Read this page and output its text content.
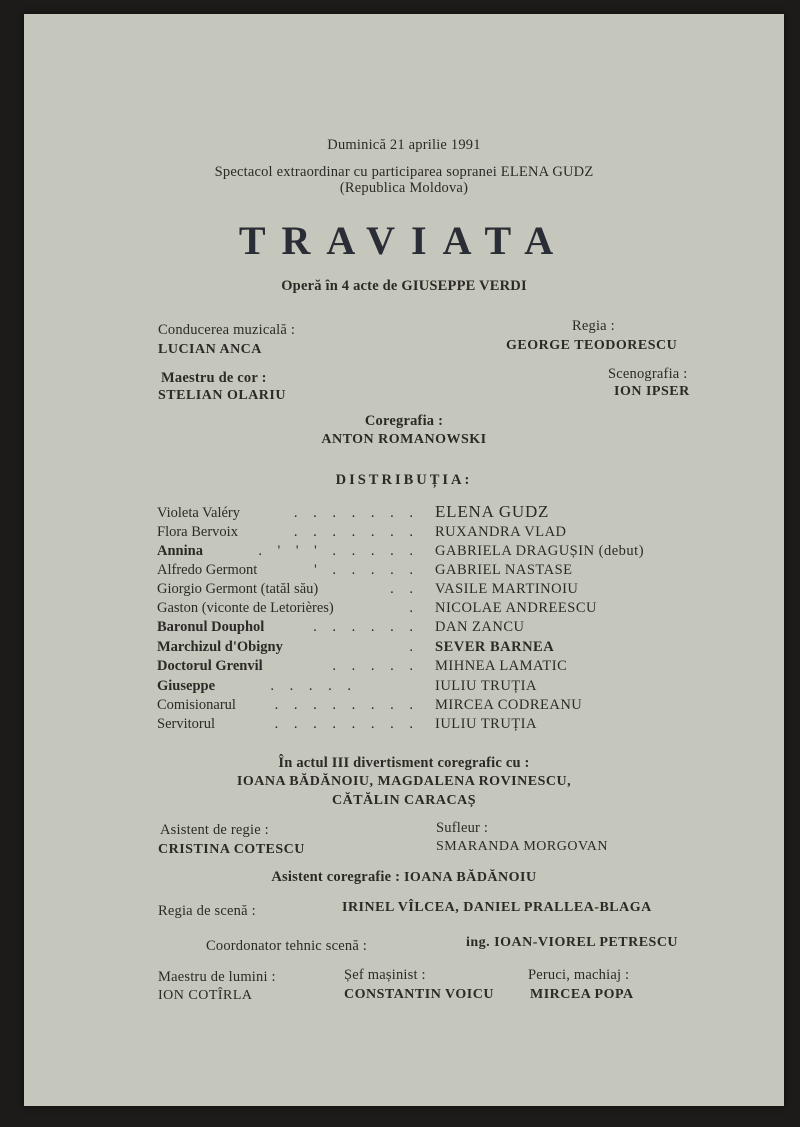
Duminică 21 aprilie 1991
Spectacol extraordinar cu participarea sopranei ELENA GUDZ
(Republica Moldova)
TRAVIATA
Operă în 4 acte de GIUSEPPE VERDI
Conducerea muzicală :
LUCIAN ANCA
Regia :
GEORGE TEODORESCU
Maestru de cor :
STELIAN OLARIU
Scenografia :
ION IPSER
Coregrafia :
ANTON ROMANOWSKI
DISTRIBUȚIA:
Violeta Valéry	. . . . . . . ELENA GUDZ
Flora Bervoix	. . . . . . . RUXANDRA VLAD
Annina	. ' ' ' . . . . . GABRIELA DRAGUȘIN (debut)
Alfredo Germont	' . . . . . GABRIEL NASTASE
Giorgio Germont (tatăl său)	. . VASILE MARTINOIU
Gaston (viconte de Letorières)	. NICOLAE ANDREESCU
Baronul Douphol	. . . . . . DAN ZANCU
Marchizul d'Obigny	. SEVER BARNEA
Doctorul Grenvil	. . . . . MIHNEA LAMATIC
Giuseppe	. . . . .	IULIU TRUȚIA
Comisionarul	. . . . . . . . MIRCEA CODREANU
Servitorul	. . . . . . . . IULIU TRUȚIA
În actul III divertisment coregrafic cu :
IOANA BĂDĂNOIU, MAGDALENA ROVINESCU,
CĂTĂLIN CARACAȘ
Asistent de regie :
CRISTINA COTESCU
Sufleur :
SMARANDA MORGOVAN
Asistent coregrafie : IOANA BĂDĂNOIU
Regia de scenă :	IRINEL VÎLCEA, DANIEL PRALLEA-BLAGA
Coordonator tehnic scenă :	ing. IOAN-VIOREL PETRESCU
Maestru de lumini :
ION COTÎRLA
Șef mașinist :
CONSTANTIN VOICU
Peruci, machiaj :
MIRCEA POPA
